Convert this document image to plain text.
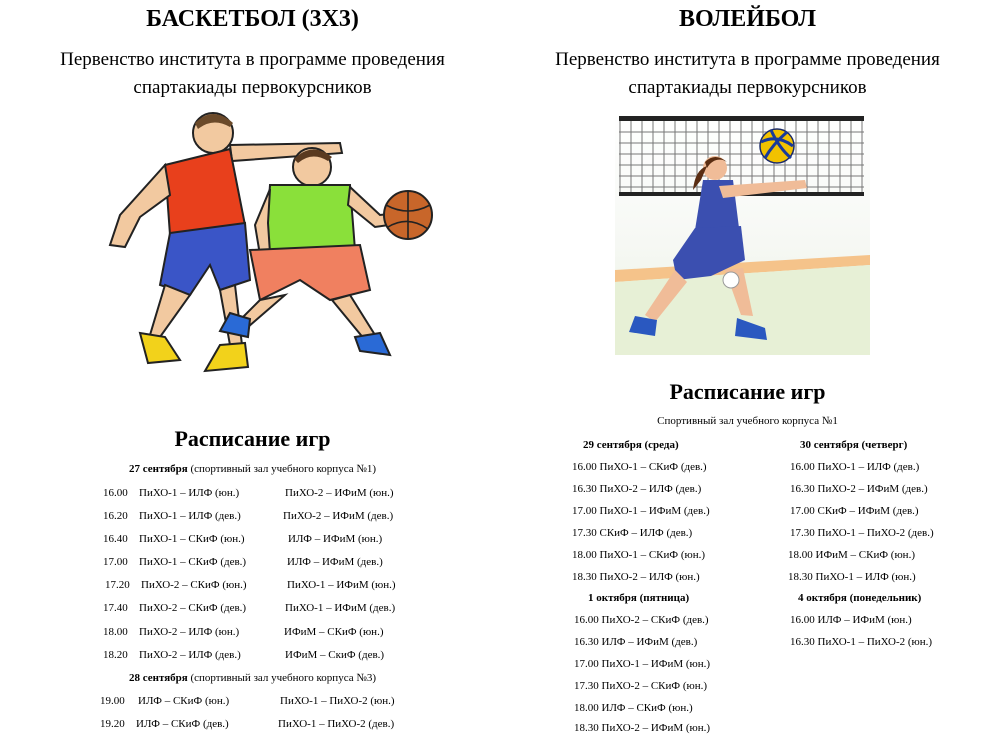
БАСКЕТБОЛ (3Х3)
Первенство института в программе проведения
спартакиады первокурсников
Расписание игр
27 сентября (спортивный зал учебного корпуса №1)
16.00 ПиХО-1 – ИЛФ (юн.)	ПиХО-2 – ИФиМ (юн.)
16.20 ПиХО-1 – ИЛФ (дев.)	ПиХО-2 – ИФиМ (дев.)
16.40 ПиХО-1 – СКиФ (юн.)	ИЛФ – ИФиМ (юн.)
17.00 ПиХО-1 – СКиФ (дев.)	ИЛФ – ИФиМ (дев.)
17.20 ПиХО-2 – СКиФ (юн.)	ПиХО-1 – ИФиМ (юн.)
17.40 ПиХО-2 – СКиФ (дев.)	ПиХО-1 – ИФиМ (дев.)
18.00 ПиХО-2 – ИЛФ (юн.)	ИФиМ – СКиФ (юн.)
18.20 ПиХО-2 – ИЛФ (дев.)	ИФиМ – СкиФ (дев.)
28 сентября (спортивный зал учебного корпуса №3)
19.00 ИЛФ – СКиФ (юн.)	ПиХО-1 – ПиХО-2 (юн.)
19.20 ИЛФ – СКиФ (дев.)	ПиХО-1 – ПиХО-2 (дев.)
ВОЛЕЙБОЛ
Первенство института в программе проведения
спартакиады первокурсников
Расписание игр
Спортивный зал учебного корпуса №1
29 сентября (среда)
16.00 ПиХО-1 – СКиФ (дев.)
16.30 ПиХО-2 – ИЛФ (дев.)
17.00 ПиХО-1 – ИФиМ (дев.)
17.30 СКиФ – ИЛФ (дев.)
18.00 ПиХО-1 – СКиФ (юн.)
18.30 ПиХО-2 – ИЛФ (юн.)
30 сентября (четверг)
16.00 ПиХО-1 – ИЛФ (дев.)
16.30 ПиХО-2 – ИФиМ (дев.)
17.00 СКиФ – ИФиМ (дев.)
17.30 ПиХО-1 – ПиХО-2 (дев.)
18.00 ИФиМ – СКиФ (юн.)
18.30 ПиХО-1 – ИЛФ (юн.)
1 октября (пятница)
16.00 ПиХО-2 – СКиФ (дев.)
16.30 ИЛФ – ИФиМ (дев.)
17.00 ПиХО-1 – ИФиМ (юн.)
17.30 ПиХО-2 – СКиФ (юн.)
18.00 ИЛФ – СКиФ (юн.)
18.30 ПиХО-2 – ИФиМ (юн.)
4 октября (понедельник)
16.00 ИЛФ – ИФиМ (юн.)
16.30 ПиХО-1 – ПиХО-2 (юн.)
